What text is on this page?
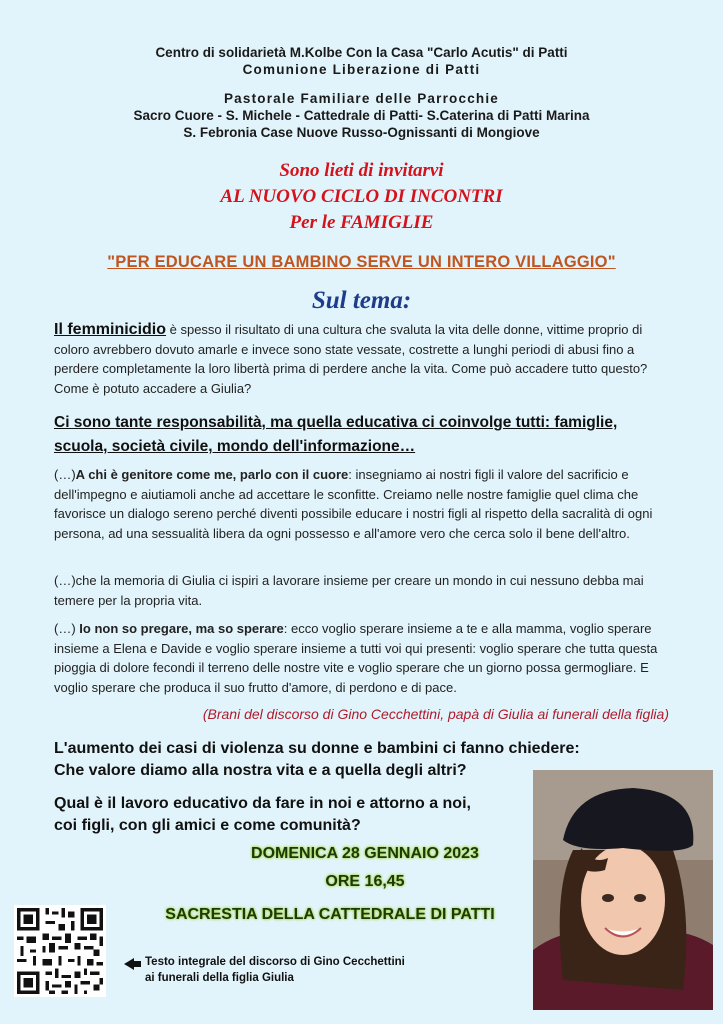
Centro di solidarietà M.Kolbe Con la Casa "Carlo Acutis" di Patti
Comunione Liberazione di Patti
Pastorale Familiare delle Parrocchie
Sacro Cuore - S. Michele - Cattedrale di Patti- S.Caterina di Patti Marina
S. Febronia Case Nuove Russo-Ognissanti di Mongiove
Sono lieti di invitarvi
AL NUOVO CICLO DI INCONTRI
Per le FAMIGLIE
"PER EDUCARE UN BAMBINO SERVE UN INTERO VILLAGGIO"
Sul tema:
Il femminicidio è spesso il risultato di una cultura che svaluta la vita delle donne, vittime proprio di coloro avrebbero dovuto amarle e invece sono state vessate, costrette a lunghi periodi di abusi fino a perdere completamente la loro libertà prima di perdere anche la vita. Come può accadere tutto questo? Come è potuto accadere a Giulia?
Ci sono tante responsabilità, ma quella educativa ci coinvolge tutti: famiglie, scuola, società civile, mondo dell'informazione…
(…)A chi è genitore come me, parlo con il cuore: insegniamo ai nostri figli il valore del sacrificio e dell'impegno e aiutiamoli anche ad accettare le sconfitte. Creiamo nelle nostre famiglie quel clima che favorisce un dialogo sereno perché diventi possibile educare i nostri figli al rispetto della sacralità di ogni persona, ad una sessualità libera da ogni possesso e all'amore vero che cerca solo il bene dell'altro.
(…)che la memoria di Giulia ci ispiri a lavorare insieme per creare un mondo in cui nessuno debba mai temere per la propria vita.
(…) Io non so pregare, ma so sperare: ecco voglio sperare insieme a te e alla mamma, voglio sperare insieme a Elena e Davide e voglio sperare insieme a tutti voi qui presenti: voglio sperare che tutta questa pioggia di dolore fecondi il terreno delle nostre vite e voglio sperare che un giorno possa germogliare. E voglio sperare che produca il suo frutto d'amore, di perdono e di pace.
(Brani del discorso di Gino Cecchettini, papà di Giulia ai funerali della figlia)
L'aumento dei casi di violenza su donne e bambini ci fanno chiedere:
Che valore diamo alla nostra vita e a quella degli altri?
Qual è il lavoro educativo da fare in noi e attorno a noi,
coi figli, con gli amici e come comunità?
DOMENICA 28 GENNAIO 2023
ORE 16,45
SACRESTIA DELLA CATTEDRALE DI PATTI
Testo integrale del discorso di Gino Cecchettini
ai funerali della figlia Giulia
